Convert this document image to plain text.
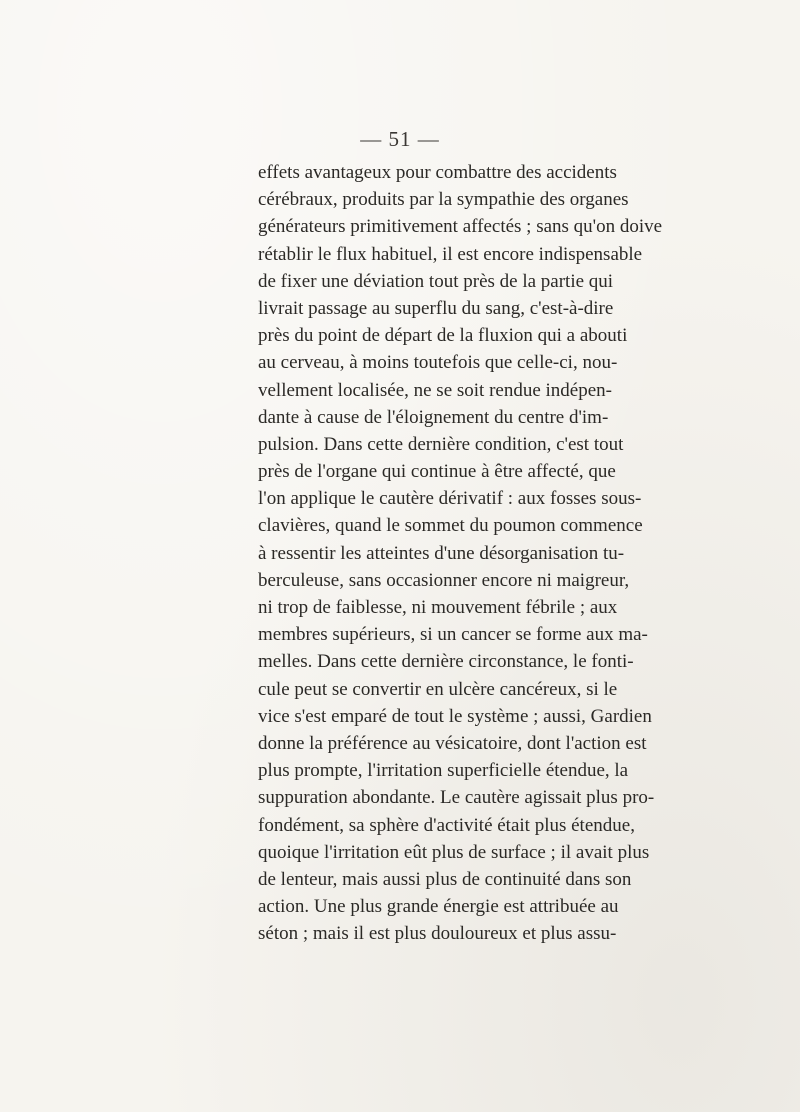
— 51 —
effets avantageux pour combattre des accidents
cérébraux, produits par la sympathie des organes
générateurs primitivement affectés ; sans qu'on doive
rétablir le flux habituel, il est encore indispensable
de fixer une déviation tout près de la partie qui
livrait passage au superflu du sang, c'est-à-dire
près du point de départ de la fluxion qui a abouti
au cerveau, à moins toutefois que celle-ci, nou-
vellement localisée, ne se soit rendue indépen-
dante à cause de l'éloignement du centre d'im-
pulsion. Dans cette dernière condition, c'est tout
près de l'organe qui continue à être affecté, que
l'on applique le cautère dérivatif : aux fosses sous-
clavières, quand le sommet du poumon commence
à ressentir les atteintes d'une désorganisation tu-
berculeuse, sans occasionner encore ni maigreur,
ni trop de faiblesse, ni mouvement fébrile ; aux
membres supérieurs, si un cancer se forme aux ma-
melles. Dans cette dernière circonstance, le fonti-
cule peut se convertir en ulcère cancéreux, si le
vice s'est emparé de tout le système ; aussi, Gardien
donne la préférence au vésicatoire, dont l'action est
plus prompte, l'irritation superficielle étendue, la
suppuration abondante. Le cautère agissait plus pro-
fondément, sa sphère d'activité était plus étendue,
quoique l'irritation eût plus de surface ; il avait plus
de lenteur, mais aussi plus de continuité dans son
action. Une plus grande énergie est attribuée au
séton ; mais il est plus douloureux et plus assu-
